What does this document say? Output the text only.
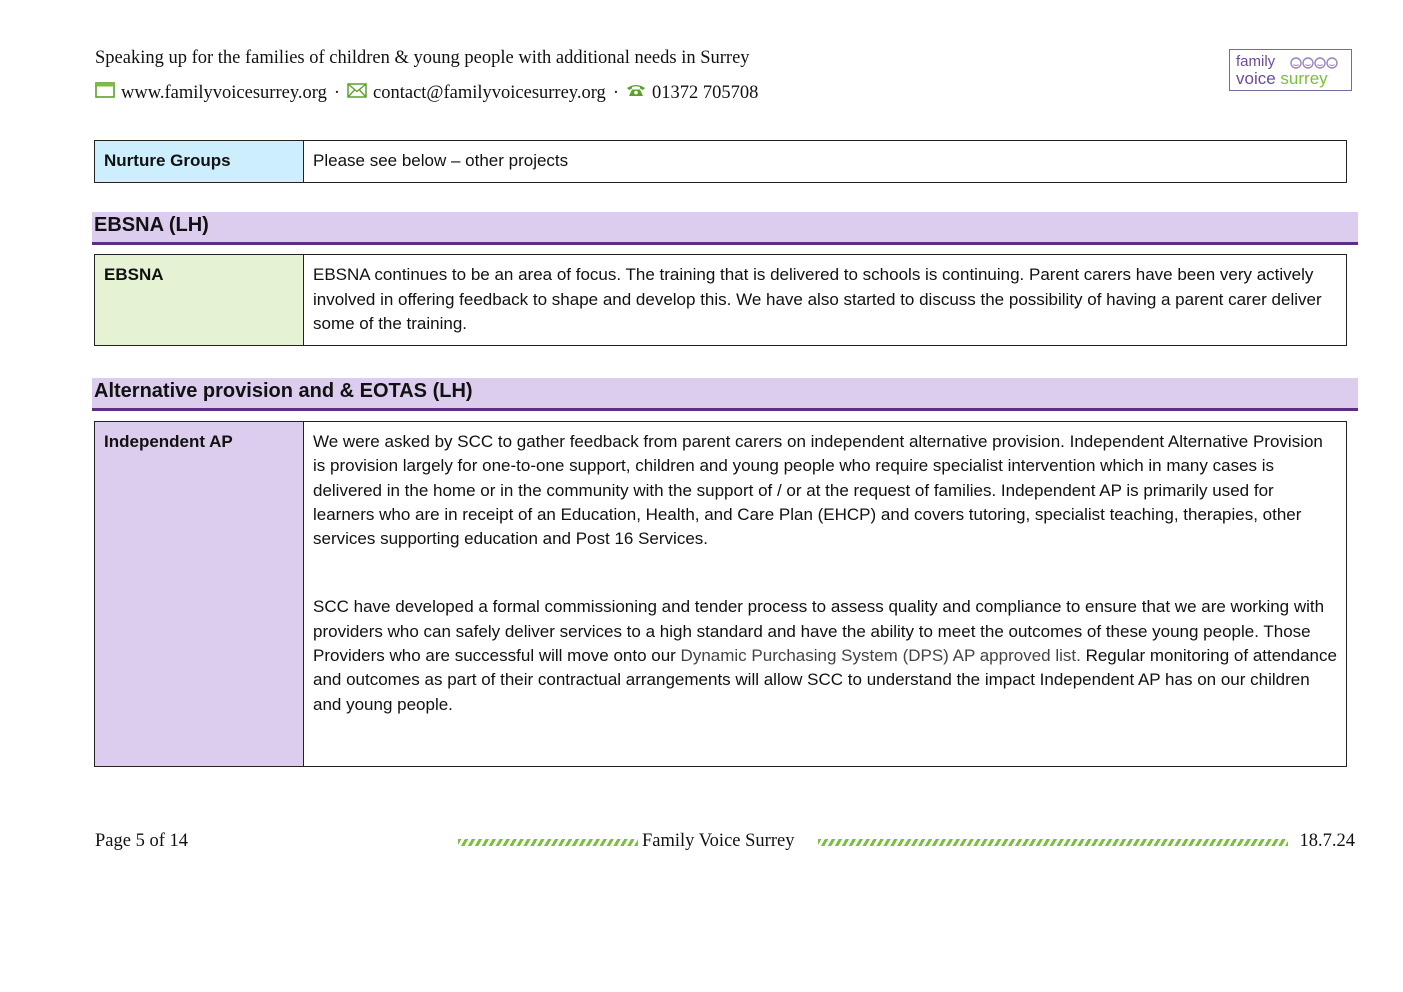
Speaking up for the families of children & young people with additional needs in Surrey
www.familyvoicesurrey.org · contact@familyvoicesurrey.org · 01372 705708
family
voice surrey
Nurture Groups	Please see below – other projects
EBSNA (LH)
EBSNA	EBSNA continues to be an area of focus. The training that is delivered to schools is continuing. Parent carers have been very actively involved in offering feedback to shape and develop this. We have also started to discuss the possibility of having a parent carer deliver some of the training.
Alternative provision and & EOTAS (LH)
Independent AP	We were asked by SCC to gather feedback from parent carers on independent alternative provision. Independent Alternative Provision is provision largely for one-to-one support, children and young people who require specialist intervention which in many cases is delivered in the home or in the community with the support of / or at the request of families. Independent AP is primarily used for learners who are in receipt of an Education, Health, and Care Plan (EHCP) and covers tutoring, specialist teaching, therapies, other services supporting education and Post 16 Services.
SCC have developed a formal commissioning and tender process to assess quality and compliance to ensure that we are working with providers who can safely deliver services to a high standard and have the ability to meet the outcomes of these young people. Those Providers who are successful will move onto our Dynamic Purchasing System (DPS) AP approved list. Regular monitoring of attendance and outcomes as part of their contractual arrangements will allow SCC to understand the impact Independent AP has on our children and young people.
Page 5 of 14	Family Voice Surrey	18.7.24
